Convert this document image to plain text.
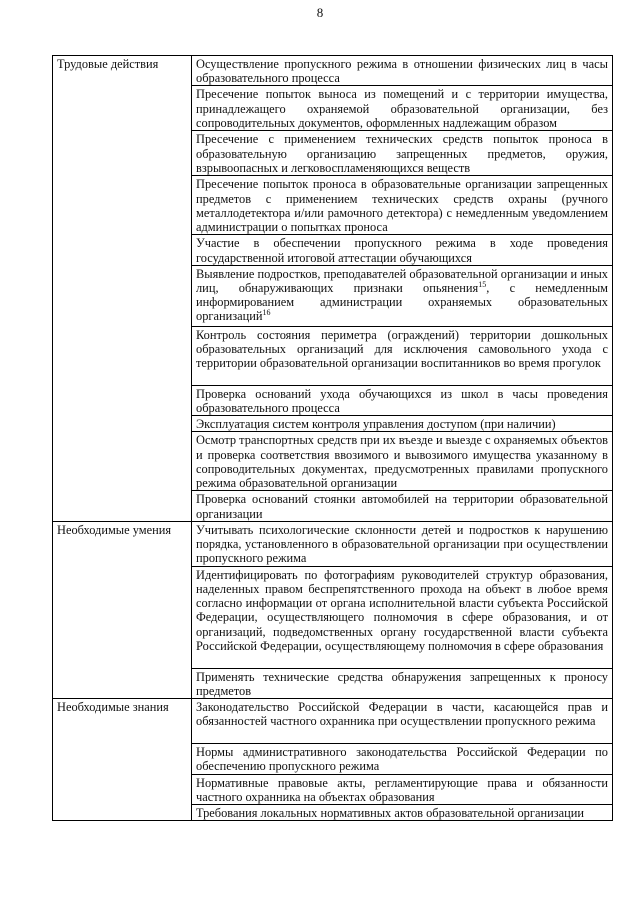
8
Трудовые действия	Осуществление пропускного режима в отношении физических лиц в часы образовательного процесса
	Пресечение попыток выноса из помещений и с территории имущества, принадлежащего охраняемой образовательной организации, без сопроводительных документов, оформленных надлежащим образом
	Пресечение с применением технических средств попыток проноса в образовательную организацию запрещенных предметов, оружия, взрывоопасных и легковоспламеняющихся веществ
	Пресечение попыток проноса в образовательные организации запрещенных предметов с применением технических средств охраны (ручного металлодетектора и/или рамочного детектора) с немедленным уведомлением администрации о попытках проноса
	Участие в обеспечении пропускного режима в ходе проведения государственной итоговой аттестации обучающихся
	Выявление подростков, преподавателей образовательной организации и иных лиц, обнаруживающих признаки опьянения$^{15}$, с немедленным информированием администрации охраняемых образовательных организаций$^{16}$
	Контроль состояния периметра (ограждений) территории дошкольных образовательных организаций для исключения самовольного ухода с территории образовательной организации воспитанников во время прогулок
	Проверка оснований ухода обучающихся из школ в часы проведения образовательного процесса
	Эксплуатация систем контроля управления доступом (при наличии)
	Осмотр транспортных средств при их въезде и выезде с охраняемых объектов и проверка соответствия ввозимого и вывозимого имущества указанному в сопроводительных документах, предусмотренных правилами пропускного режима образовательной организации
	Проверка оснований стоянки автомобилей на территории образовательной организации
Необходимые умения	Учитывать психологические склонности детей и подростков к нарушению порядка, установленного в образовательной организации при осуществлении пропускного режима
	Идентифицировать по фотографиям руководителей структур образования, наделенных правом беспрепятственного прохода на объект в любое время согласно информации от органа исполнительной власти субъекта Российской Федерации, осуществляющего полномочия в сфере образования, и от организаций, подведомственных органу государственной власти субъекта Российской Федерации, осуществляющему полномочия в сфере образования
	Применять технические средства обнаружения запрещенных к проносу предметов
Необходимые знания	Законодательство Российской Федерации в части, касающейся прав и обязанностей частного охранника при осуществлении пропускного режима
	Нормы административного законодательства Российской Федерации по обеспечению пропускного режима
	Нормативные правовые акты, регламентирующие права и обязанности частного охранника на объектах образования
	Требования локальных нормативных актов образовательной организации
